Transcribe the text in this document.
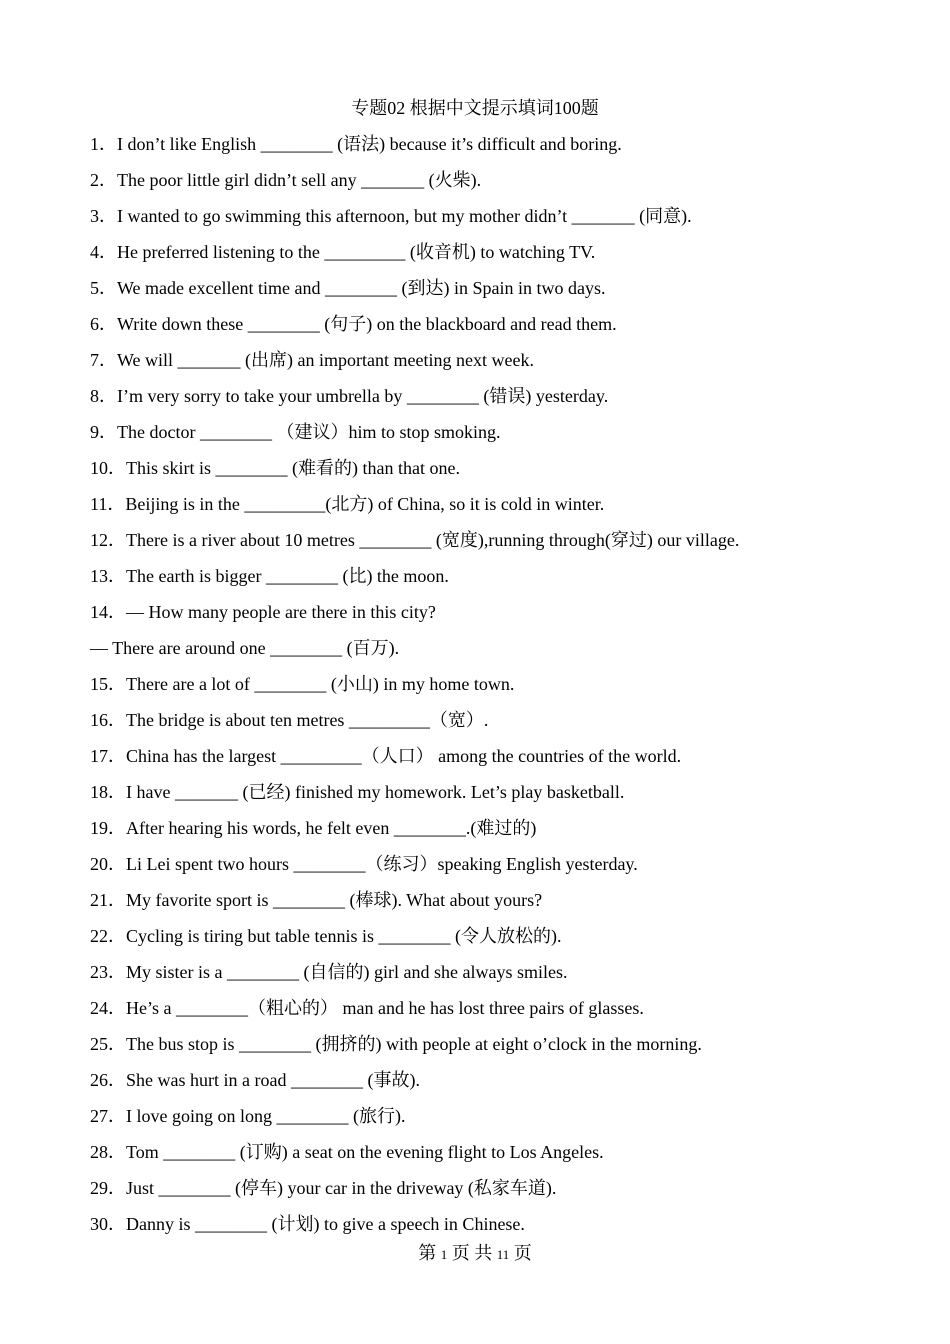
专题02 根据中文提示填词100题
1．I don’t like English ________ (语法) because it’s difficult and boring.
2．The poor little girl didn’t sell any _______ (火柴).
3．I wanted to go swimming this afternoon, but my mother didn’t _______ (同意).
4．He preferred listening to the _________ (收音机) to watching TV.
5．We made excellent time and ________ (到达) in Spain in two days.
6．Write down these ________ (句子) on the blackboard and read them.
7．We will _______ (出席) an important meeting next week.
8．I’m very sorry to take your umbrella by ________ (错误) yesterday.
9．The doctor ________ （建议）him to stop smoking.
10．This skirt is ________ (难看的) than that one.
11．Beijing is in the _________(北方) of China, so it is cold in winter.
12．There is a river about 10 metres ________ (宽度),running through(穿过) our village.
13．The earth is bigger ________ (比) the moon.
14．— How many people are there in this city?
— There are around one ________ (百万).
15．There are a lot of ________ (小山) in my home town.
16．The bridge is about ten metres _________（宽）.
17．China has the largest _________（人口） among the countries of the world.
18．I have _______ (已经) finished my homework. Let’s play basketball.
19．After hearing his words, he felt even ________.(难过的)
20．Li Lei spent two hours ________（练习）speaking English yesterday.
21．My favorite sport is ________ (棒球). What about yours?
22．Cycling is tiring but table tennis is ________ (令人放松的).
23．My sister is a ________ (自信的) girl and she always smiles.
24．He’s a ________（粗心的） man and he has lost three pairs of glasses.
25．The bus stop is ________ (拥挤的) with people at eight o’clock in the morning.
26．She was hurt in a road ________ (事故).
27．I love going on long ________ (旅行).
28．Tom ________ (订购) a seat on the evening flight to Los Angeles.
29．Just ________ (停车) your car in the driveway (私家车道).
30．Danny is ________ (计划) to give a speech in Chinese.
第 1 页 共 11 页
